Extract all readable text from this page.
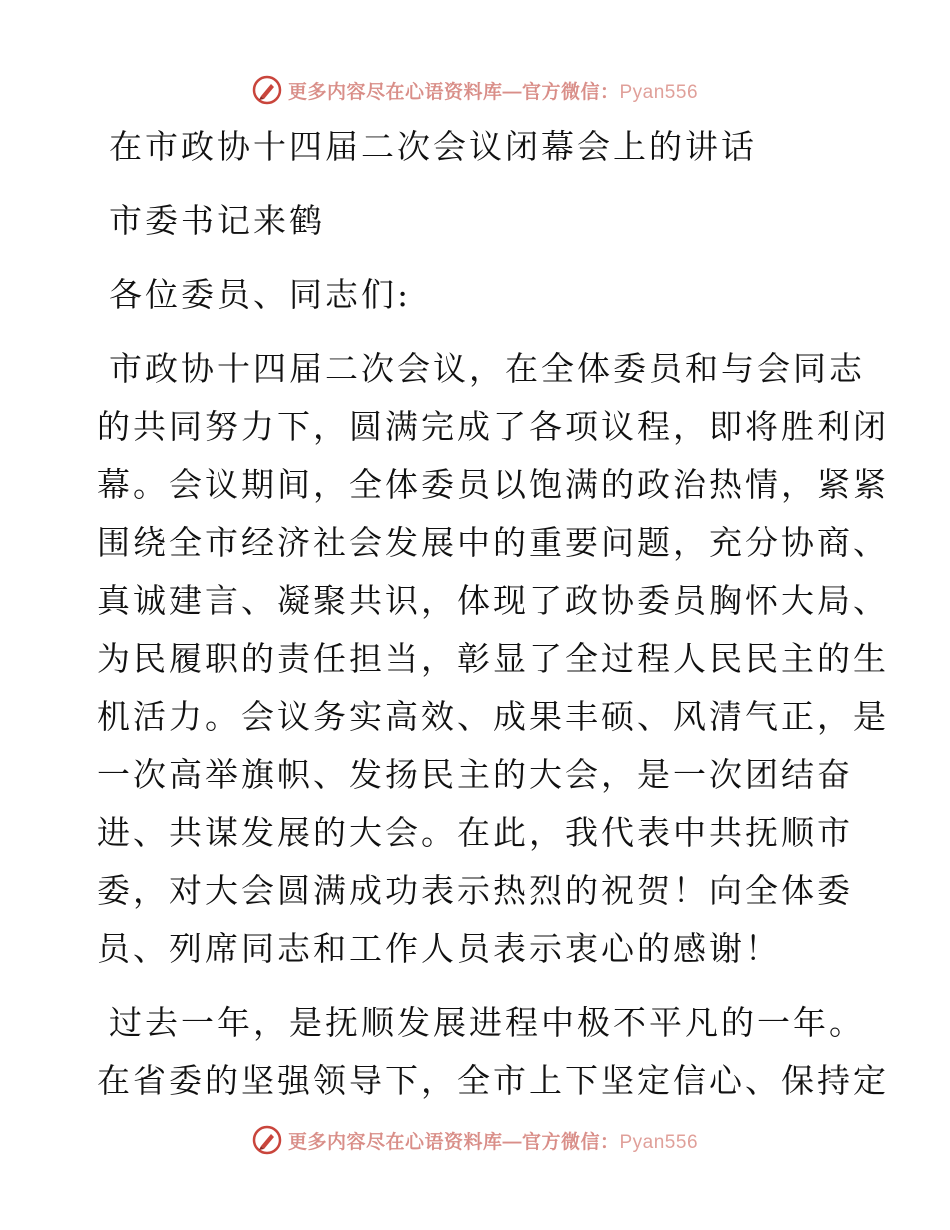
更多内容尽在心语资料库—官方微信：Pyan556
在市政协十四届二次会议闭幕会上的讲话
市委书记来鹤
各位委员、同志们:
市政协十四届二次会议，在全体委员和与会同志
的共同努力下，圆满完成了各项议程，即将胜利闭
幕。会议期间，全体委员以饱满的政治热情，紧紧
围绕全市经济社会发展中的重要问题，充分协商、
真诚建言、凝聚共识，体现了政协委员胸怀大局、
为民履职的责任担当，彰显了全过程人民民主的生
机活力。会议务实高效、成果丰硕、风清气正，是
一次高举旗帜、发扬民主的大会，是一次团结奋
进、共谋发展的大会。在此，我代表中共抚顺市
委，对大会圆满成功表示热烈的祝贺！向全体委
员、列席同志和工作人员表示衷心的感谢！
过去一年，是抚顺发展进程中极不平凡的一年。
在省委的坚强领导下，全市上下坚定信心、保持定
更多内容尽在心语资料库—官方微信：Pyan556
